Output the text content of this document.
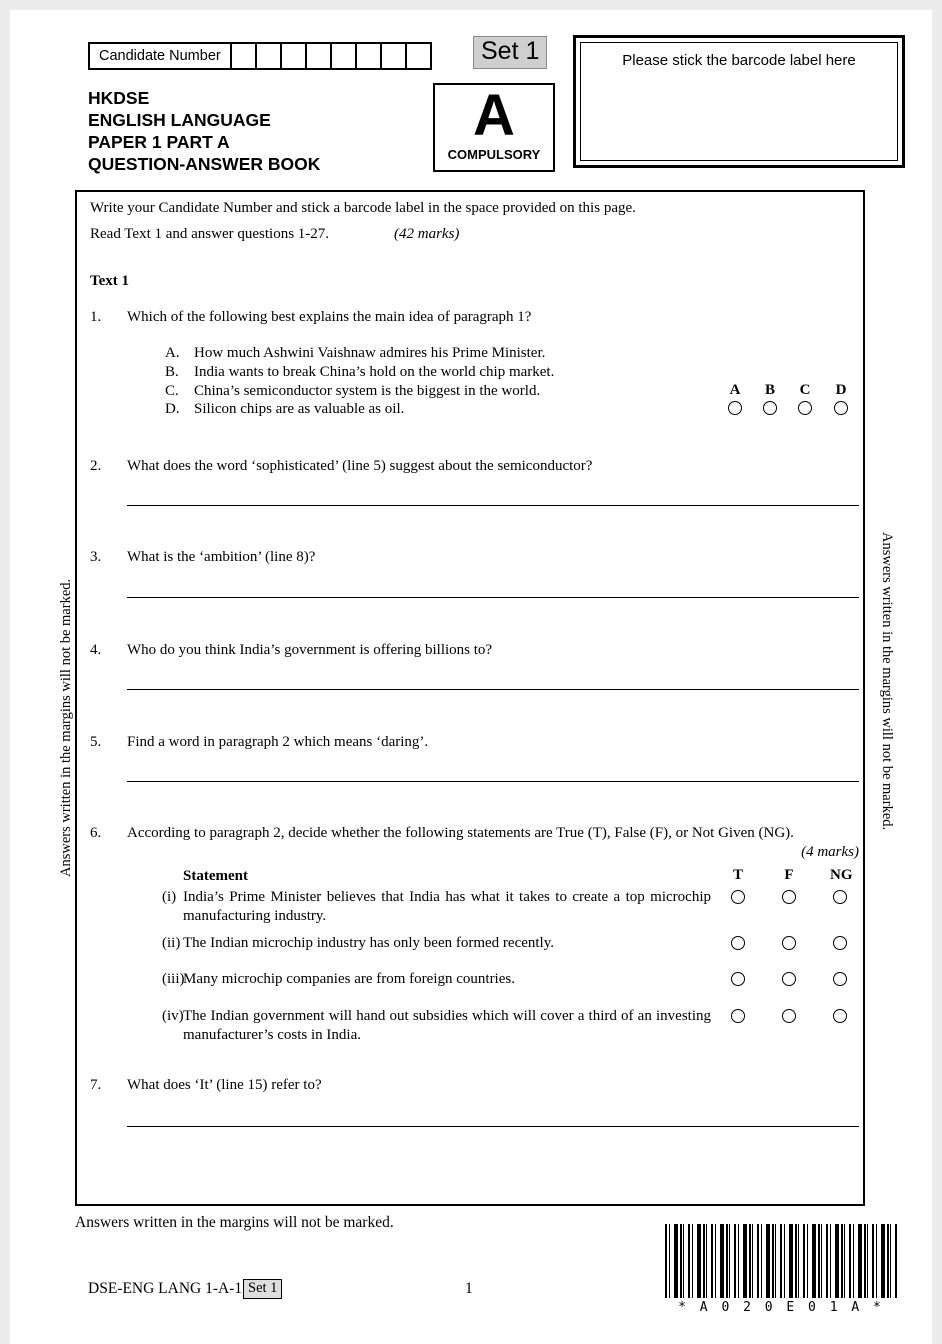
Candidate Number	Set 1	Please stick the barcode label here
HKDSE
ENGLISH LANGUAGE
PAPER 1 PART A
QUESTION-ANSWER BOOK
A
COMPULSORY
Write your Candidate Number and stick a barcode label in the space provided on this page.
Read Text 1 and answer questions 1-27.	(42 marks)
Text 1
1. Which of the following best explains the main idea of paragraph 1?
A. How much Ashwini Vaishnaw admires his Prime Minister.
B. India wants to break China’s hold on the world chip market.
C. China’s semiconductor system is the biggest in the world.
D. Silicon chips are as valuable as oil.
A	B	C	D
2. What does the word ‘sophisticated’ (line 5) suggest about the semiconductor?
3. What is the ‘ambition’ (line 8)?
4. Who do you think India’s government is offering billions to?
5. Find a word in paragraph 2 which means ‘daring’.
6. According to paragraph 2, decide whether the following statements are True (T), False (F), or Not Given (NG).
(4 marks)
Statement	T	F	NG
(i) India’s Prime Minister believes that India has what it takes to create a top microchip manufacturing industry.
(ii) The Indian microchip industry has only been formed recently.
(iii)
Many microchip companies are from foreign countries.
(iv) The Indian government will hand out subsidies which will cover a third of an investing manufacturer’s costs in India.
7. What does ‘It’ (line 15) refer to?
Answers written in the margins will not be marked.	Answers written in the margins will not be marked.
Answers written in the margins will not be marked.
DSE-ENG LANG 1-A-1 Set 1	1
* A 0 2 0 E 0 1 A *
